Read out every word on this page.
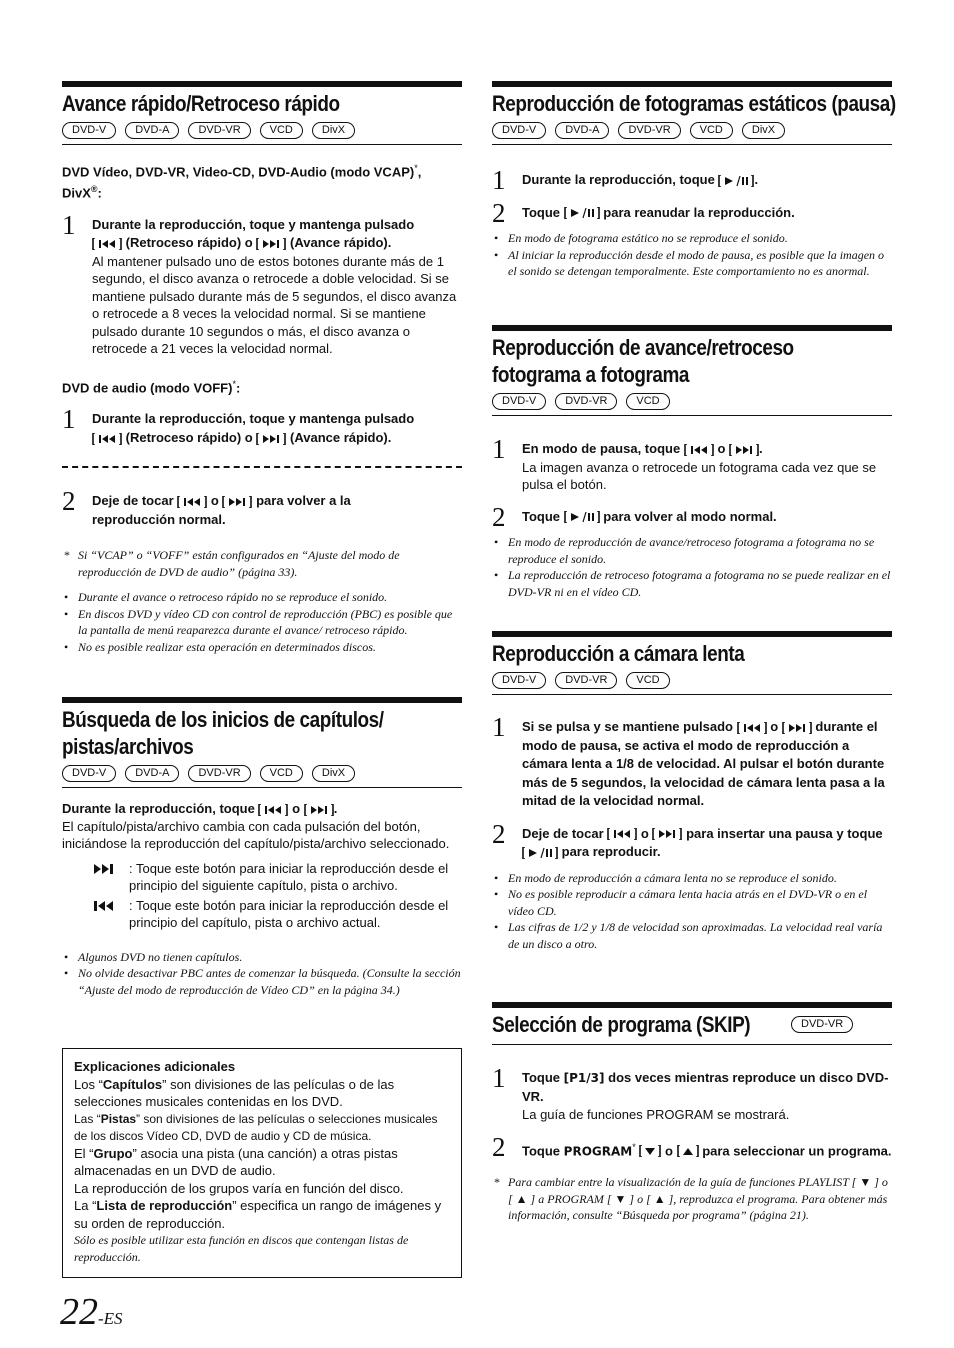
Avance rápido/Retroceso rápido
DVD-V	DVD-A	DVD-VR	VCD	DivX
DVD Vídeo, DVD-VR, Video-CD, DVD-Audio (modo VCAP)*, DivX®:
1 Durante la reproducción, toque y mantenga pulsado
(Retroceso rápido) o	(Avance rápido).
Al mantener pulsado uno de estos botones durante más de 1 segundo, el disco avanza o retrocede a doble velocidad. Si se mantiene pulsado durante más de 5 segundos, el disco avanza o retrocede a 8 veces la velocidad normal. Si se mantiene pulsado durante 10 segundos o más, el disco avanza o retrocede a 21 veces la velocidad normal.
DVD de audio (modo VOFF)*:
1 Durante la reproducción, toque y mantenga pulsado
(Retroceso rápido) o	(Avance rápido).
2 Deje de tocar	o	para volver a la
reproducción normal.
* Si “VCAP” o “VOFF” están configurados en “Ajuste del modo de reproducción de DVD de audio” (página 33).
• Durante el avance o retroceso rápido no se reproduce el sonido.
• En discos DVD y vídeo CD con control de reproducción (PBC) es posible que la pantalla de menú reaparezca durante el avance/ retroceso rápido.
• No es posible realizar esta operación en determinados discos.
Búsqueda de los inicios de capítulos/
pistas/archivos
DVD-V	DVD-A	DVD-VR	VCD	DivX
Durante la reproducción, toque	o	.
El capítulo/pista/archivo cambia con cada pulsación del botón, iniciándose la reproducción del capítulo/pista/archivo seleccionado.
: Toque este botón para iniciar la reproducción desde el principio del siguiente capítulo, pista o archivo.
: Toque este botón para iniciar la reproducción desde el principio del capítulo, pista o archivo actual.
• Algunos DVD no tienen capítulos.
• No olvide desactivar PBC antes de comenzar la búsqueda. (Consulte la sección “Ajuste del modo de reproducción de Vídeo CD” en la página 34.)
Explicaciones adicionales
Los “Capítulos” son divisiones de las películas o de las selecciones musicales contenidas en los DVD.
Las “Pistas” son divisiones de las películas o selecciones musicales de los discos Vídeo CD, DVD de audio y CD de música.
El “Grupo” asocia una pista (una canción) a otras pistas almacenadas en un DVD de audio.
La reproducción de los grupos varía en función del disco.
La “Lista de reproducción” especifica un rango de imágenes y su orden de reproducción.
Sólo es posible utilizar esta función en discos que contengan listas de reproducción.
Reproducción de fotogramas estáticos (pausa)
DVD-V	DVD-A	DVD-VR	VCD	DivX
1 Durante la reproducción, toque	.
2 Toque	para reanudar la reproducción.
• En modo de fotograma estático no se reproduce el sonido.
• Al iniciar la reproducción desde el modo de pausa, es posible que la imagen o el sonido se detengan temporalmente. Este comportamiento no es anormal.
Reproducción de avance/retroceso
fotograma a fotograma
DVD-V	DVD-VR	VCD
1 En modo de pausa, toque	o	.
La imagen avanza o retrocede un fotograma cada vez que se pulsa el botón.
2 Toque	para volver al modo normal.
• En modo de reproducción de avance/retroceso fotograma a fotograma no se reproduce el sonido.
• La reproducción de retroceso fotograma a fotograma no se puede realizar en el DVD-VR ni en el vídeo CD.
Reproducción a cámara lenta
DVD-V	DVD-VR	VCD
1 Si se pulsa y se mantiene pulsado	o	durante el modo de pausa, se activa el modo de reproducción a cámara lenta a 1/8 de velocidad. Al pulsar el botón durante más de 5 segundos, la velocidad de cámara lenta pasa a la mitad de la velocidad normal.
2 Deje de tocar	o	para insertar una pausa y toque  para reproducir.
• En modo de reproducción a cámara lenta no se reproduce el sonido.
• No es posible reproducir a cámara lenta hacia atrás en el DVD-VR o en el vídeo CD.
• Las cifras de 1/2 y 1/8 de velocidad son aproximadas. La velocidad real varía de un disco a otro.
Selección de programa (SKIP)	DVD-VR
1 Toque [P1/3] dos veces mientras reproduce un disco DVD-VR.
La guía de funciones PROGRAM se mostrará.
2 Toque PROGRAM* o para seleccionar un programa.
* Para cambiar entre la visualización de la guía de funciones PLAYLIST [ ▼ ] o [ ▲ ] a PROGRAM [ ▼ ] o [ ▲ ], reproduzca el programa. Para obtener más información, consulte “Búsqueda por programa” (página 21).
22 -ES
